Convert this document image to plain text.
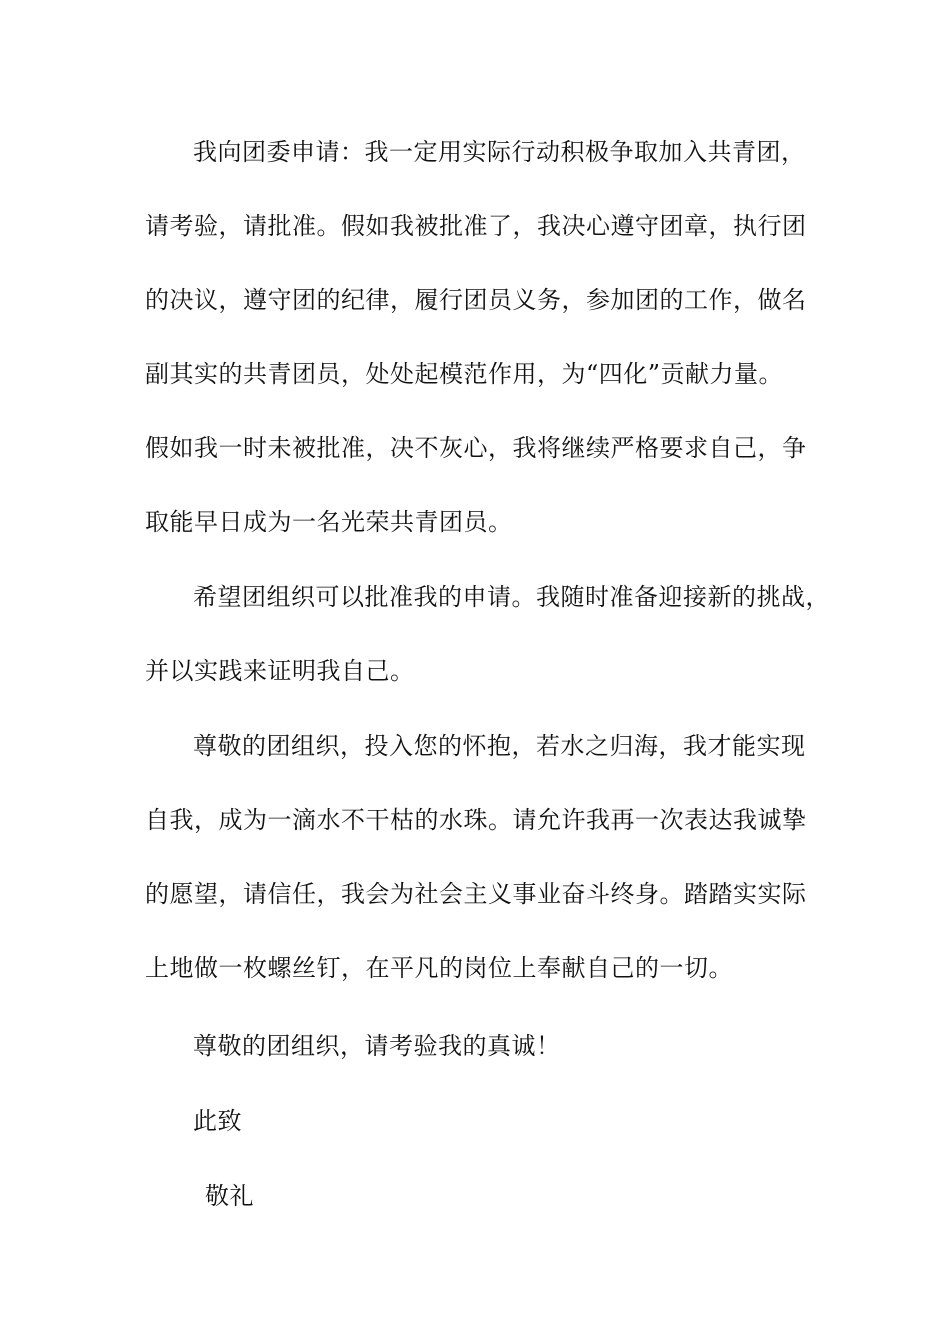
我向团委申请：我一定用实际行动积极争取加入共青团，
请考验，请批准。假如我被批准了，我决心遵守团章，执行团
的决议，遵守团的纪律，履行团员义务，参加团的工作，做名
副其实的共青团员，处处起模范作用，为“四化”贡献力量。
假如我一时未被批准，决不灰心，我将继续严格要求自己，争
取能早日成为一名光荣共青团员。
希望团组织可以批准我的申请。我随时准备迎接新的挑战，
并以实践来证明我自己。
尊敬的团组织，投入您的怀抱，若水之归海，我才能实现
自我，成为一滴水不干枯的水珠。请允许我再一次表达我诚挚
的愿望，请信任，我会为社会主义事业奋斗终身。踏踏实实际
上地做一枚螺丝钉，在平凡的岗位上奉献自己的一切。
尊敬的团组织，请考验我的真诚！
此致
敬礼
